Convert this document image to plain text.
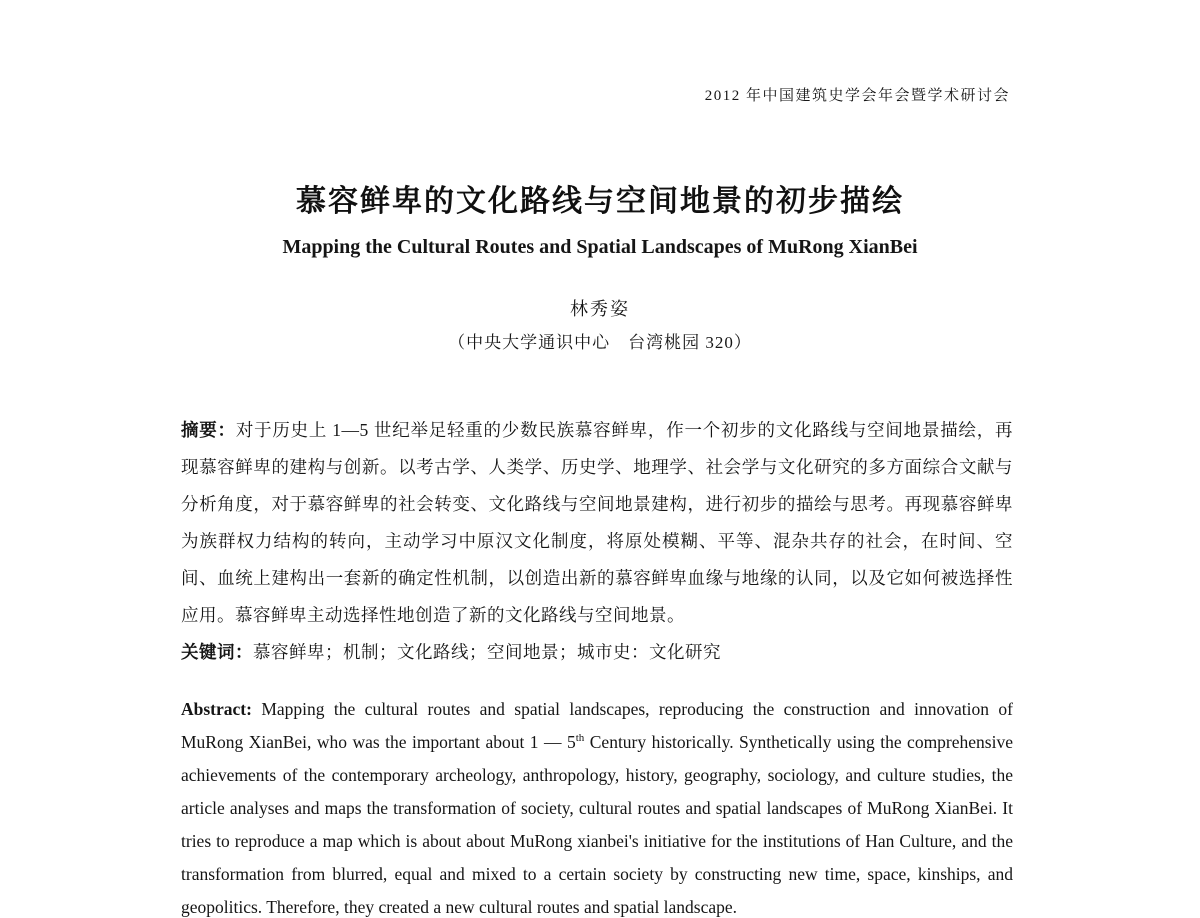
2012 年中国建筑史学会年会暨学术研讨会
慕容鲜卑的文化路线与空间地景的初步描绘
Mapping the Cultural Routes and Spatial Landscapes of MuRong XianBei
林秀姿
（中央大学通识中心　台湾桃园 320）

摘要：对于历史上 1—5 世纪举足轻重的少数民族慕容鲜卑，作一个初步的文化路线与空间地景描绘，再现慕容鲜卑的建构与创新。以考古学、人类学、历史学、地理学、社会学与文化研究的多方面综合文献与分析角度，对于慕容鲜卑的社会转变、文化路线与空间地景建构，进行初步的描绘与思考。再现慕容鲜卑为族群权力结构的转向，主动学习中原汉文化制度，将原处模糊、平等、混杂共存的社会，在时间、空间、血统上建构出一套新的确定性机制，以创造出新的慕容鲜卑血缘与地缘的认同，以及它如何被选择性应用。慕容鲜卑主动选择性地创造了新的文化路线与空间地景。

关键词：慕容鲜卑；机制；文化路线；空间地景；城市史：文化研究

Abstract: Mapping the cultural routes and spatial landscapes, reproducing the construction and innovation of MuRong XianBei, who was the important about 1 — 5th Century historically. Synthetically using the comprehensive achievements of the contemporary archeology, anthropology, history, geography, sociology, and culture studies, the article analyses and maps the transformation of society, cultural routes and spatial landscapes of MuRong XianBei. It tries to reproduce a map which is about about MuRong xianbei's initiative for the institutions of Han Culture, and the transformation from blurred, equal and mixed to a certain society by constructing new time, space, kinships, and geopolitics. Therefore, they created a new cultural routes and spatial landscape.
